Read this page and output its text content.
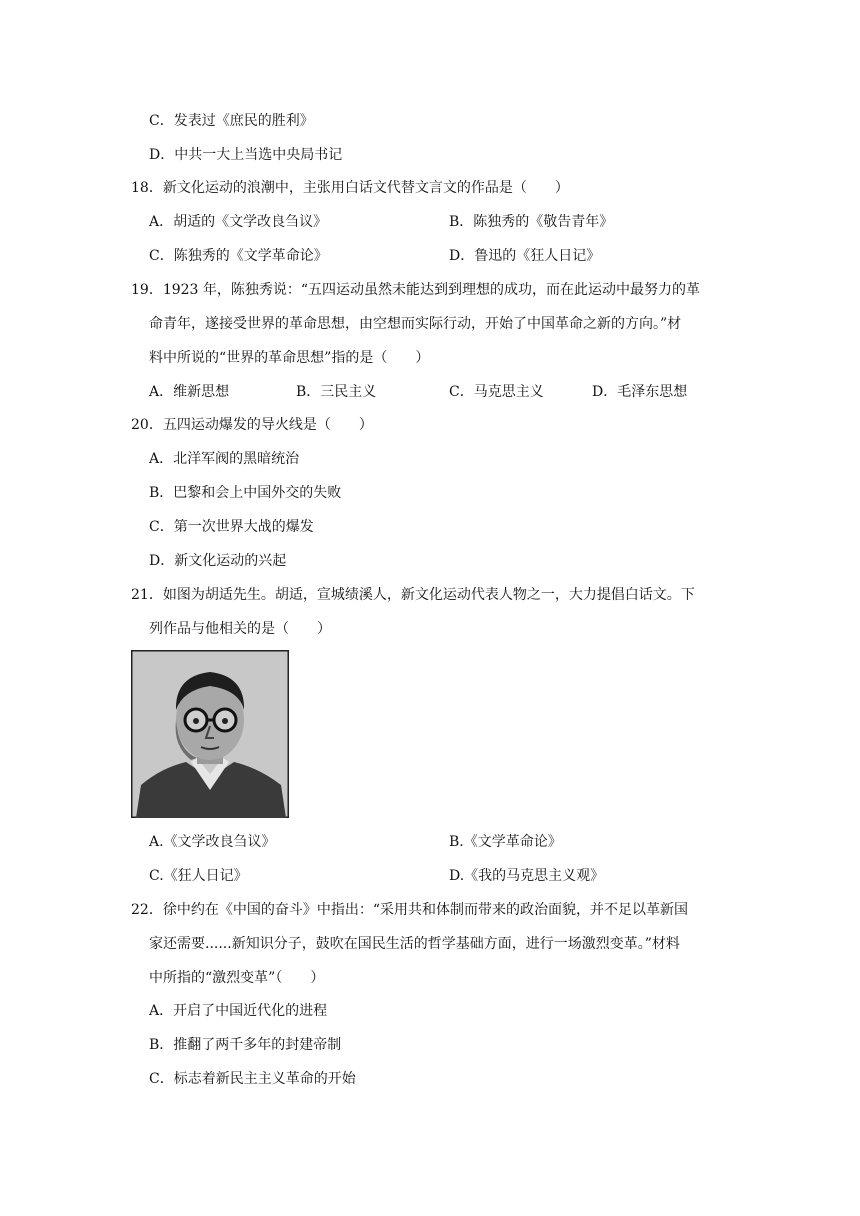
C．发表过《庶民的胜利》
D．中共一大上当选中央局书记
18．新文化运动的浪潮中，主张用白话文代替文言文的作品是（　　）
A．胡适的《文学改良刍议》	B．陈独秀的《敬告青年》
C．陈独秀的《文学革命论》	D．鲁迅的《狂人日记》
19．1923 年，陈独秀说：“五四运动虽然未能达到到理想的成功，而在此运动中最努力的革
命青年，遂接受世界的革命思想，由空想而实际行动，开始了中国革命之新的方向。”材
料中所说的“世界的革命思想”指的是（　　）
A．维新思想	B．三民主义	C．马克思主义	D．毛泽东思想
20．五四运动爆发的导火线是（　　）
A．北洋军阀的黑暗统治
B．巴黎和会上中国外交的失败
C．第一次世界大战的爆发
D．新文化运动的兴起
21．如图为胡适先生。胡适，宣城绩溪人，新文化运动代表人物之一，大力提倡白话文。下
列作品与他相关的是（　　）
A.《文学改良刍议》	B.《文学革命论》
C.《狂人日记》	D.《我的马克思主义观》
22．徐中约在《中国的奋斗》中指出：“采用共和体制而带来的政治面貌，并不足以革新国
家还需要......新知识分子，鼓吹在国民生活的哲学基础方面，进行一场激烈变革。”材料
中所指的“激烈变革”（　　）
A．开启了中国近代化的进程
B．推翻了两千多年的封建帝制
C．标志着新民主主义革命的开始
